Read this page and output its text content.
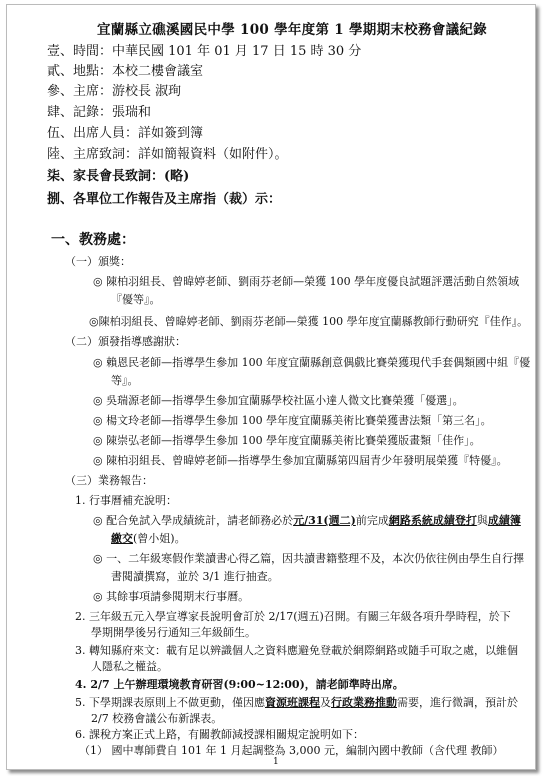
宜蘭縣立礁溪國民中學 100 學年度第 1 學期期末校務會議紀錄
壹、時間：中華民國 101 年 01 月 17 日 15 時 30 分
貳、地點：本校二樓會議室
參、主席：游校長 淑珣
肆、記錄：張瑞和
伍、出席人員：詳如簽到簿
陸、主席致詞：詳如簡報資料（如附件）。
柒、家長會長致詞：(略)
捌、各單位工作報告及主席指（裁）示：
一、教務處：
（一）頒獎：
◎ 陳柏羽組長、曾暐婷老師、劉雨芬老師—榮獲 100 學年度優良試題評選活動自然領域
『優等』。
◎陳柏羽組長、曾暐婷老師、劉雨芬老師—榮獲 100 學年度宜蘭縣教師行動研究『佳作』。
（二）頒發指導感謝狀：
◎ 賴恩民老師—指導學生參加 100 年度宜蘭縣創意偶戲比賽榮獲現代手套偶類國中組『優
等』。
◎ 吳瑞源老師—指導學生參加宜蘭縣學校社區小達人微文比賽榮獲「優選」。
◎ 楊文玲老師—指導學生參加 100 學年度宜蘭縣美術比賽榮獲書法類「第三名」。
◎ 陳崇弘老師—指導學生參加 100 學年度宜蘭縣美術比賽榮獲版畫類「佳作」。
◎ 陳柏羽組長、曾暐婷老師—指導學生參加宜蘭縣第四屆青少年發明展榮獲『特優』。
（三）業務報告：
1. 行事曆補充說明：
◎ 配合免試入學成績統計，請老師務必於元/31(週二)前完成網路系統成績登打與成績簿
繳交(曾小姐)。
◎ 一、二年級寒假作業讀書心得乙篇，因共讀書籍整理不及，本次仍依往例由學生自行擇
書閱讀撰寫，並於 3/1 進行抽查。
◎ 其餘事項請參閱期末行事曆。
2. 三年級五元入學宣導家長說明會訂於 2/17(週五)召開。有關三年級各項升學時程，於下
學期開學後另行通知三年級師生。
3. 轉知縣府來文：載有足以辨識個人之資料應避免登載於網際網路或隨手可取之處，以維個
人隱私之權益。
4. 2/7 上午辦理環境教育研習(9:00~12:00)，請老師準時出席。
5. 下學期課表原則上不做更動，僅因應資源班課程及行政業務推動需要，進行微調，預計於
2/7 校務會議公布新課表。
6. 課稅方案正式上路，有關教師減授課相關規定說明如下：
（1） 國中專師費自 101 年 1 月起調整為 3,000 元，編制內國中教師（含代理 教師）
1
